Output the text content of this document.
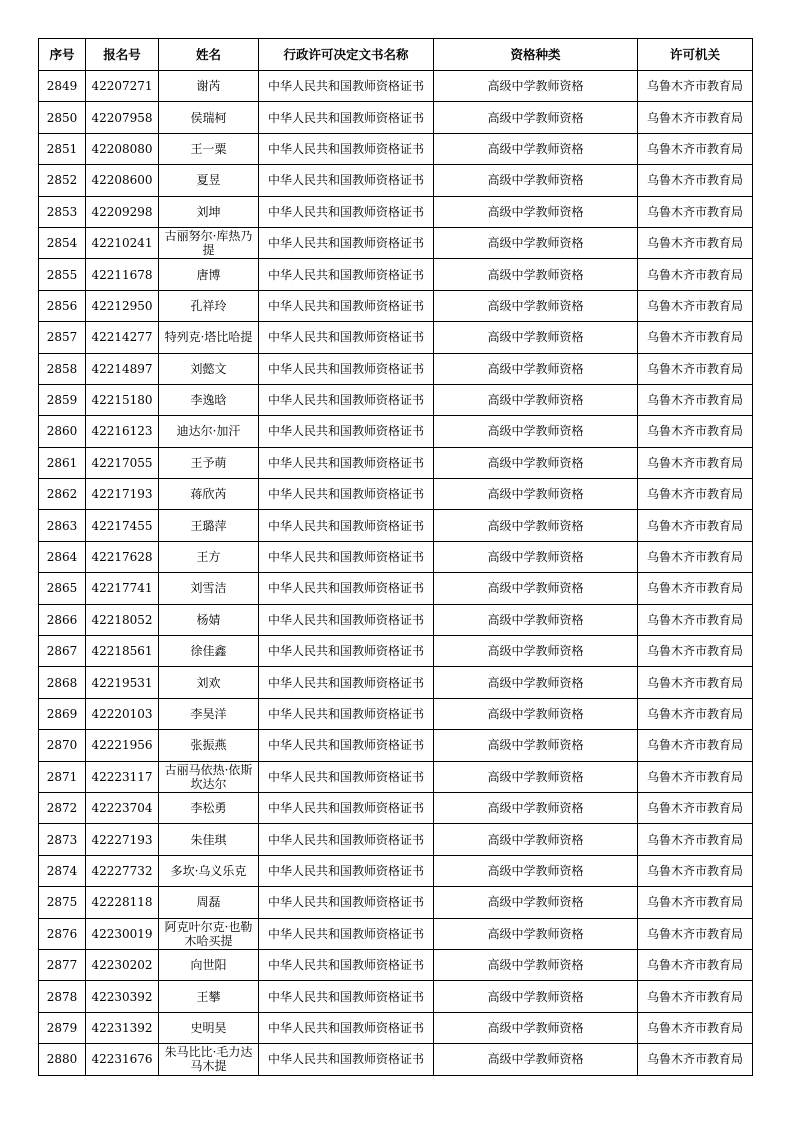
序号	报名号	姓名	行政许可决定文书名称	资格种类	许可机关
2849	42207271	谢芮	中华人民共和国教师资格证书	高级中学教师资格	乌鲁木齐市教育局
2850	42207958	侯瑞柯	中华人民共和国教师资格证书	高级中学教师资格	乌鲁木齐市教育局
2851	42208080	王一粟	中华人民共和国教师资格证书	高级中学教师资格	乌鲁木齐市教育局
2852	42208600	夏昱	中华人民共和国教师资格证书	高级中学教师资格	乌鲁木齐市教育局
2853	42209298	刘坤	中华人民共和国教师资格证书	高级中学教师资格	乌鲁木齐市教育局
2854	42210241	古丽努尔·库热乃提	中华人民共和国教师资格证书	高级中学教师资格	乌鲁木齐市教育局
2855	42211678	唐博	中华人民共和国教师资格证书	高级中学教师资格	乌鲁木齐市教育局
2856	42212950	孔祥玲	中华人民共和国教师资格证书	高级中学教师资格	乌鲁木齐市教育局
2857	42214277	特列克·塔比哈提	中华人民共和国教师资格证书	高级中学教师资格	乌鲁木齐市教育局
2858	42214897	刘懿文	中华人民共和国教师资格证书	高级中学教师资格	乌鲁木齐市教育局
2859	42215180	李逸晗	中华人民共和国教师资格证书	高级中学教师资格	乌鲁木齐市教育局
2860	42216123	迪达尔·加汗	中华人民共和国教师资格证书	高级中学教师资格	乌鲁木齐市教育局
2861	42217055	王予萌	中华人民共和国教师资格证书	高级中学教师资格	乌鲁木齐市教育局
2862	42217193	蒋欣芮	中华人民共和国教师资格证书	高级中学教师资格	乌鲁木齐市教育局
2863	42217455	王璐萍	中华人民共和国教师资格证书	高级中学教师资格	乌鲁木齐市教育局
2864	42217628	王方	中华人民共和国教师资格证书	高级中学教师资格	乌鲁木齐市教育局
2865	42217741	刘雪洁	中华人民共和国教师资格证书	高级中学教师资格	乌鲁木齐市教育局
2866	42218052	杨婧	中华人民共和国教师资格证书	高级中学教师资格	乌鲁木齐市教育局
2867	42218561	徐佳鑫	中华人民共和国教师资格证书	高级中学教师资格	乌鲁木齐市教育局
2868	42219531	刘欢	中华人民共和国教师资格证书	高级中学教师资格	乌鲁木齐市教育局
2869	42220103	李昊洋	中华人民共和国教师资格证书	高级中学教师资格	乌鲁木齐市教育局
2870	42221956	张振燕	中华人民共和国教师资格证书	高级中学教师资格	乌鲁木齐市教育局
2871	42223117	古丽马依热·依斯坎达尔	中华人民共和国教师资格证书	高级中学教师资格	乌鲁木齐市教育局
2872	42223704	李松勇	中华人民共和国教师资格证书	高级中学教师资格	乌鲁木齐市教育局
2873	42227193	朱佳琪	中华人民共和国教师资格证书	高级中学教师资格	乌鲁木齐市教育局
2874	42227732	多坎·乌义乐克	中华人民共和国教师资格证书	高级中学教师资格	乌鲁木齐市教育局
2875	42228118	周磊	中华人民共和国教师资格证书	高级中学教师资格	乌鲁木齐市教育局
2876	42230019	阿克叶尔克·也勒木哈买提	中华人民共和国教师资格证书	高级中学教师资格	乌鲁木齐市教育局
2877	42230202	向世阳	中华人民共和国教师资格证书	高级中学教师资格	乌鲁木齐市教育局
2878	42230392	王攀	中华人民共和国教师资格证书	高级中学教师资格	乌鲁木齐市教育局
2879	42231392	史明昊	中华人民共和国教师资格证书	高级中学教师资格	乌鲁木齐市教育局
2880	42231676	朱马比比·毛力达马木提	中华人民共和国教师资格证书	高级中学教师资格	乌鲁木齐市教育局
